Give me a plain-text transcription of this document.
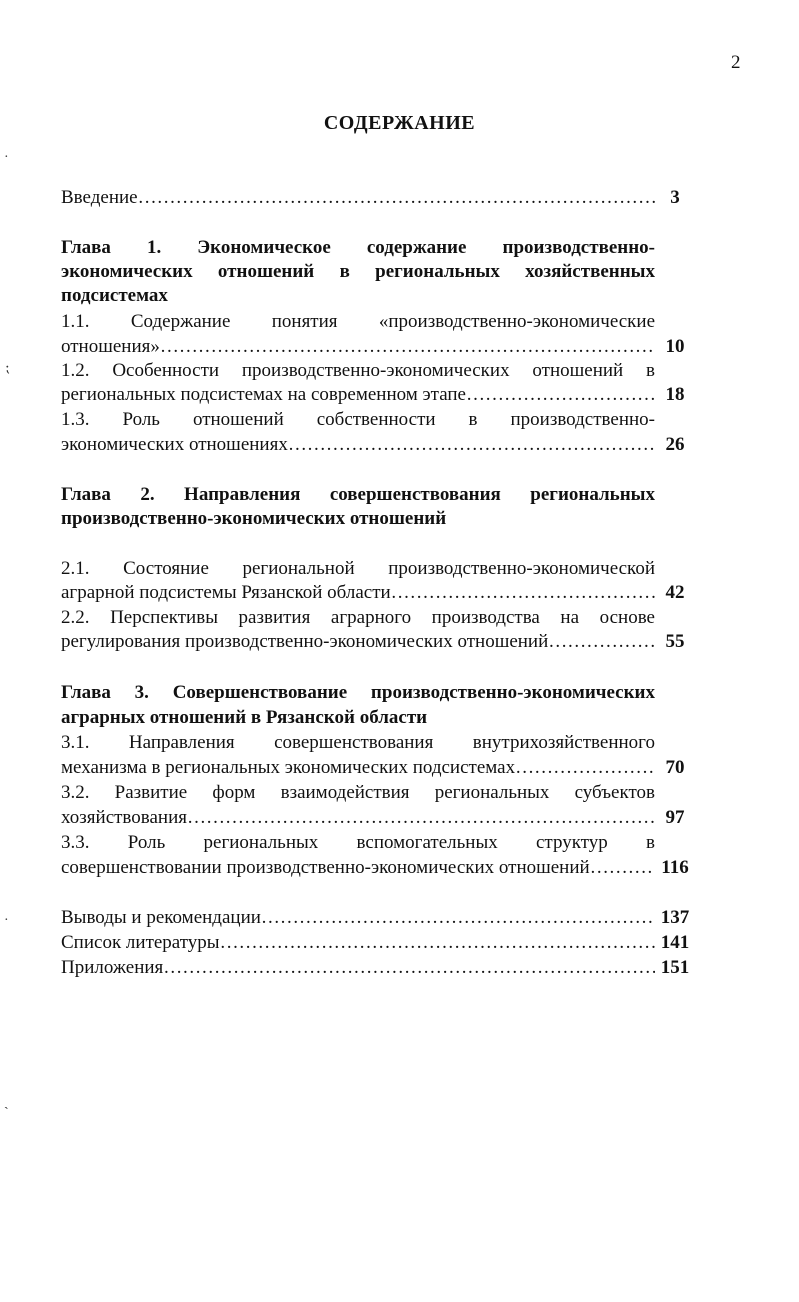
2
СОДЕРЖАНИЕ
Введение …………………………………………………………………………………………………………………………………………………………………………………………	3
Глава 1. Экономическое содержание производственно-
экономических отношений в региональных хозяйственных
подсистемах
1.1. Содержание понятия «производственно-экономические
отношения» …………………………………………………………………………………………………………………………………………………………………………………………	10
1.2. Особенности производственно-экономических отношений в
региональных подсистемах на современном этапе …………………………………………………………………………………………………………………………………………………………………………………………	18
1.3. Роль отношений собственности в производственно-
экономических отношениях …………………………………………………………………………………………………………………………………………………………………………………………	26
Глава 2. Направления совершенствования региональных
производственно-экономических отношений
2.1. Состояние региональной производственно-экономической
аграрной подсистемы Рязанской области …………………………………………………………………………………………………………………………………………………………………………………………	42
2.2. Перспективы развития аграрного производства на основе
регулирования производственно-экономических отношений …………………………………………………………………………………………………………………………………………………………………………………………	55
Глава 3. Совершенствование производственно-экономических
аграрных отношений в Рязанской области
3.1. Направления совершенствования внутрихозяйственного
механизма в региональных экономических подсистемах …………………………………………………………………………………………………………………………………………………………………………………………	70
3.2. Развитие форм взаимодействия региональных субъектов
хозяйствования …………………………………………………………………………………………………………………………………………………………………………………………	97
3.3. Роль региональных вспомогательных структур в
совершенствовании производственно-экономических отношений …………………………………………………………………………………………………………………………………………………………………………………………	116
Выводы и рекомендации …………………………………………………………………………………………………………………………………………………………………………………………	137
Список литературы …………………………………………………………………………………………………………………………………………………………………………………………	141
Приложения …………………………………………………………………………………………………………………………………………………………………………………………	151
·
⁏
·
ˎ
